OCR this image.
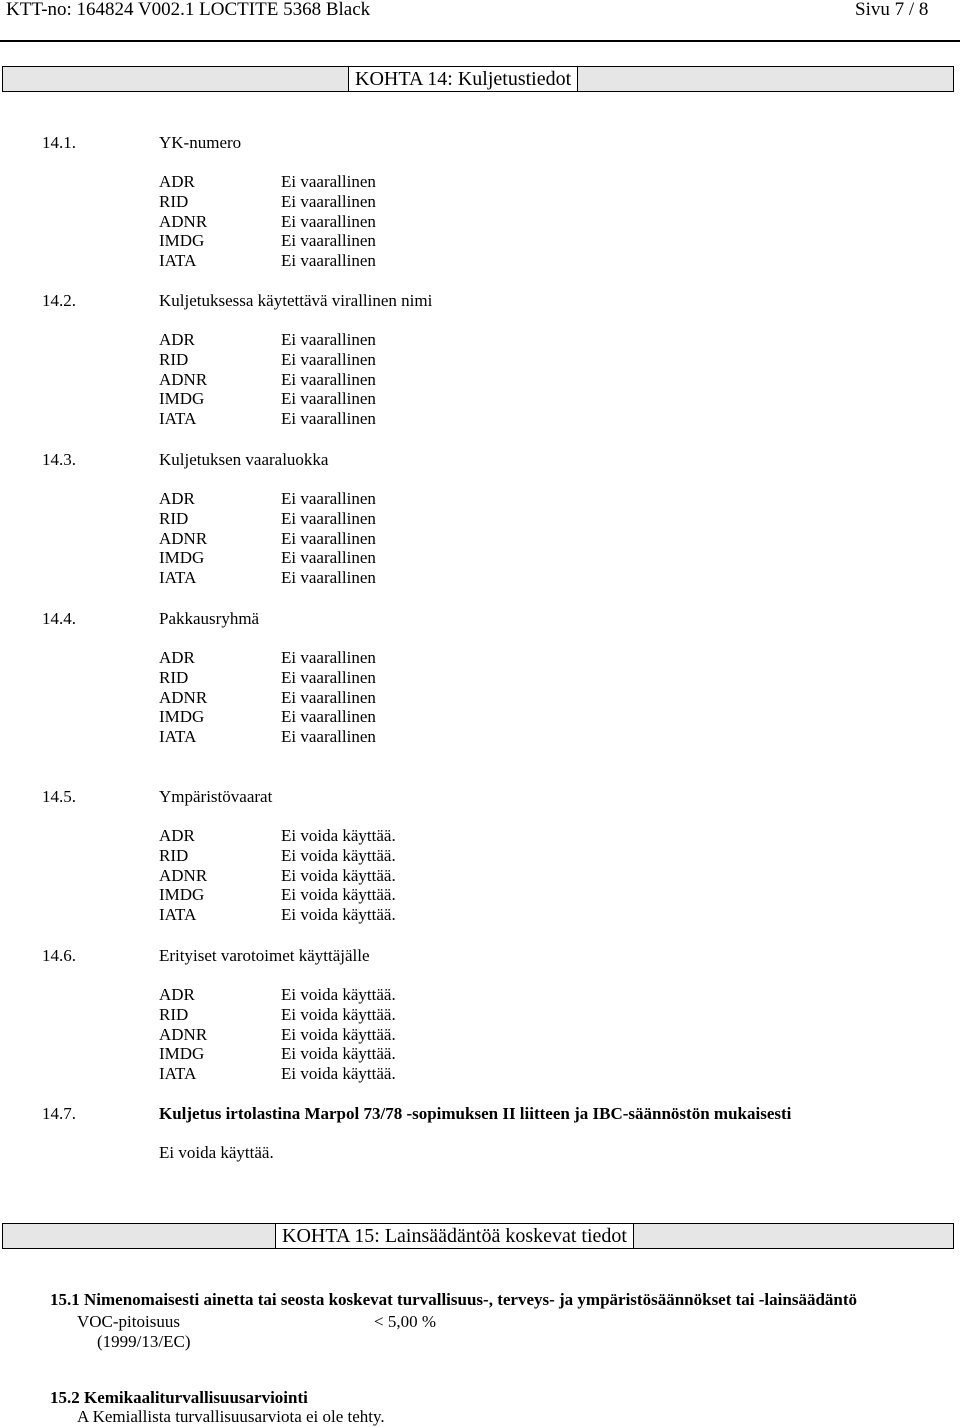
KTT-no: 164824 V002.1 LOCTITE 5368 Black	Sivu 7 / 8
KOHTA 14: Kuljetustiedot
14.1.	YK-numero
ADR	Ei vaarallinen
RID	Ei vaarallinen
ADNR	Ei vaarallinen
IMDG	Ei vaarallinen
IATA	Ei vaarallinen
14.2.	Kuljetuksessa käytettävä virallinen nimi
ADR	Ei vaarallinen
RID	Ei vaarallinen
ADNR	Ei vaarallinen
IMDG	Ei vaarallinen
IATA	Ei vaarallinen
14.3.	Kuljetuksen vaaraluokka
ADR	Ei vaarallinen
RID	Ei vaarallinen
ADNR	Ei vaarallinen
IMDG	Ei vaarallinen
IATA	Ei vaarallinen
14.4.	Pakkausryhmä
ADR	Ei vaarallinen
RID	Ei vaarallinen
ADNR	Ei vaarallinen
IMDG	Ei vaarallinen
IATA	Ei vaarallinen
14.5.	Ympäristövaarat
ADR	Ei voida käyttää.
RID	Ei voida käyttää.
ADNR	Ei voida käyttää.
IMDG	Ei voida käyttää.
IATA	Ei voida käyttää.
14.6.	Erityiset varotoimet käyttäjälle
ADR	Ei voida käyttää.
RID	Ei voida käyttää.
ADNR	Ei voida käyttää.
IMDG	Ei voida käyttää.
IATA	Ei voida käyttää.
14.7.	Kuljetus irtolastina Marpol 73/78 -sopimuksen II liitteen ja IBC-säännöstön mukaisesti
Ei voida käyttää.
KOHTA 15: Lainsäädäntöä koskevat tiedot
15.1 Nimenomaisesti ainetta tai seosta koskevat turvallisuus-, terveys- ja ympäristösäännökset tai -lainsäädäntö
VOC-pitoisuus	< 5,00 %
(1999/13/EC)
15.2 Kemikaaliturvallisuusarviointi
A Kemiallista turvallisuusarviota ei ole tehty.
